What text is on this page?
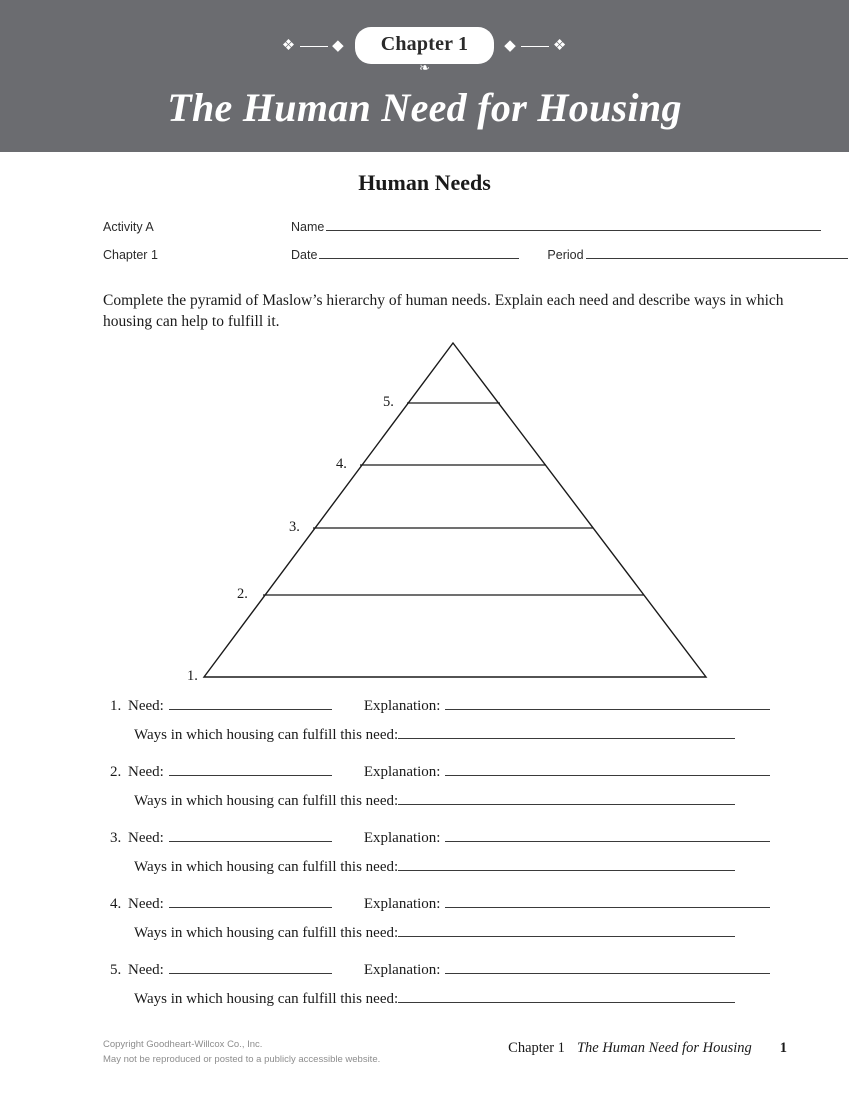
❖ ◆	Chapter 1	◆ ❖
❧
The Human Need for Housing
Human Needs
Activity A	Name
Chapter 1	Date	Period
Complete the pyramid of Maslow’s hierarchy of human needs. Explain each need and describe ways in which housing can help to fulfill it.
5.
4.
3.
2.
1.
1. Need:	Explanation:
Ways in which housing can fulfill this need:
2. Need:	Explanation:
Ways in which housing can fulfill this need:
3. Need:	Explanation:
Ways in which housing can fulfill this need:
4. Need:	Explanation:
Ways in which housing can fulfill this need:
5. Need:	Explanation:
Ways in which housing can fulfill this need:
Copyright Goodheart-Willcox Co., Inc.
May not be reproduced or posted to a publicly accessible website.
Chapter 1 The Human Need for Housing 1
